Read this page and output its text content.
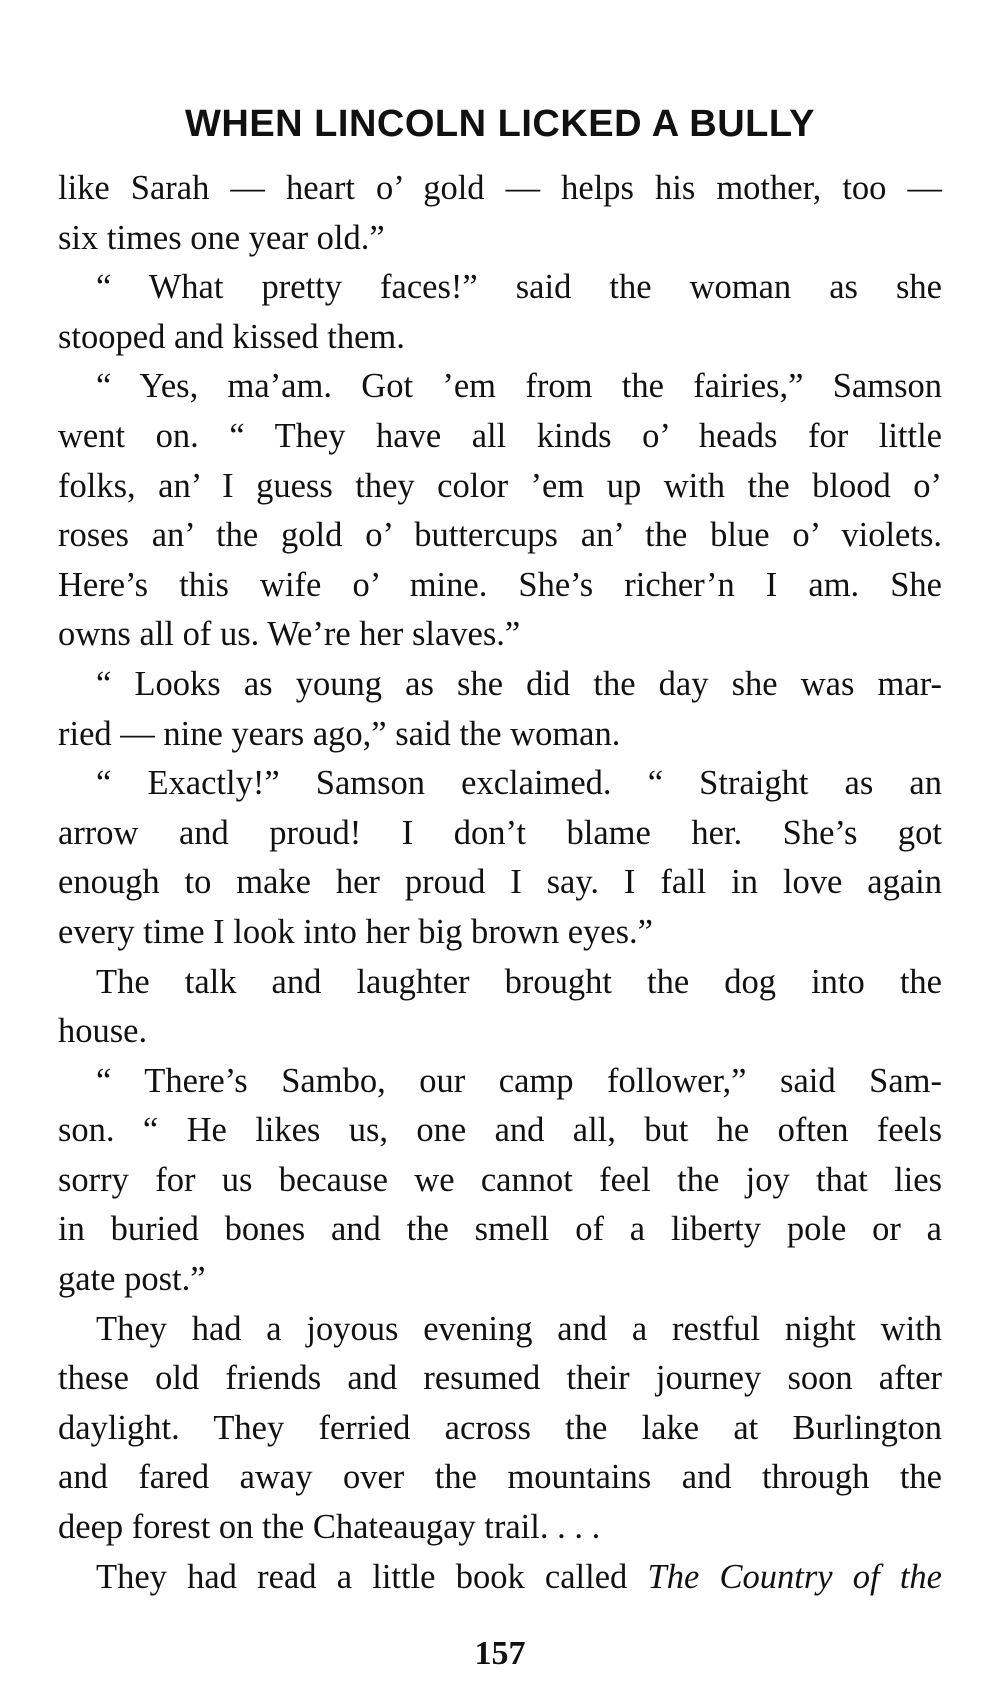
WHEN LINCOLN LICKED A BULLY
like Sarah — heart o’ gold — helps his mother, too —
six times one year old.”
“ What pretty faces!” said the woman as she
stooped and kissed them.
“ Yes, ma’am. Got ’em from the fairies,” Samson
went on. “ They have all kinds o’ heads for little
folks, an’ I guess they color ’em up with the blood o’
roses an’ the gold o’ buttercups an’ the blue o’ violets.
Here’s this wife o’ mine. She’s richer’n I am. She
owns all of us. We’re her slaves.”
“ Looks as young as she did the day she was mar-
ried — nine years ago,” said the woman.
“ Exactly!” Samson exclaimed. “ Straight as an
arrow and proud! I don’t blame her. She’s got
enough to make her proud I say. I fall in love again
every time I look into her big brown eyes.”
The talk and laughter brought the dog into the
house.
“ There’s Sambo, our camp follower,” said Sam-
son. “ He likes us, one and all, but he often feels
sorry for us because we cannot feel the joy that lies
in buried bones and the smell of a liberty pole or a
gate post.”
They had a joyous evening and a restful night with
these old friends and resumed their journey soon after
daylight. They ferried across the lake at Burlington
and fared away over the mountains and through the
deep forest on the Chateaugay trail. . . .
They had read a little book called The Country of the
157
